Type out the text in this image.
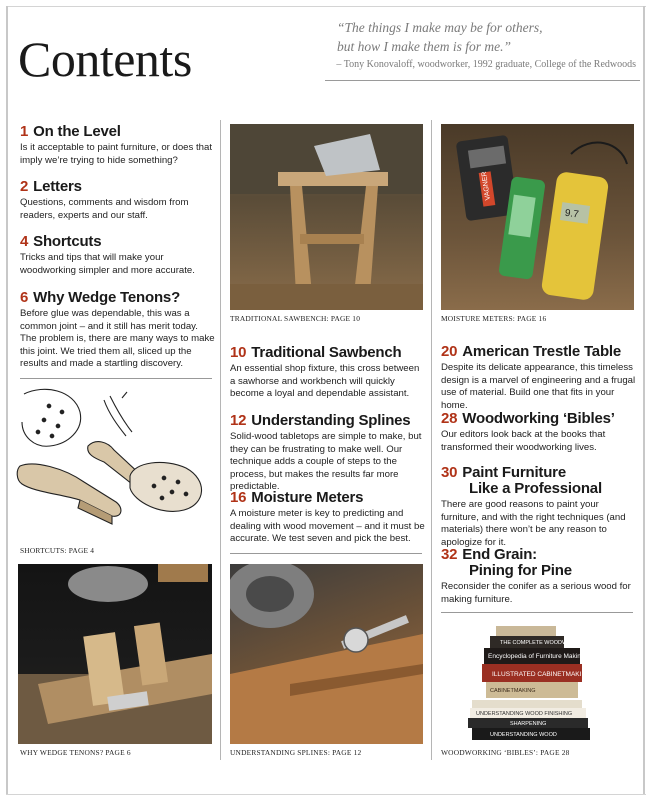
Contents
“The things I make may be for others,
but how I make them is for me.”
– Tony Konovaloff, woodworker, 1992 graduate, College of the Redwoods
1 On the Level

Is it acceptable to paint furniture, or does that imply we’re trying to hide something?

2 Letters

Questions, comments and wisdom from readers, experts and our staff.

4 Shortcuts

Tricks and tips that will make your woodworking simpler and more accurate.

6 Why Wedge Tenons?

Before glue was dependable, this was a common joint – and it still has merit today. The problem is, there are many ways to make this joint. We tried them all, sliced up the results and made a startling discovery.

SHORTCUTS: PAGE 4
WHY WEDGE TENONS? PAGE 6
TRADITIONAL SAWBENCH: PAGE 10
10 Traditional Sawbench

An essential shop fixture, this cross between a sawhorse and workbench will quickly become a loyal and dependable assistant.

12 Understanding Splines

Solid-wood tabletops are simple to make, but they can be frustrating to make well. Our technique adds a couple of steps to the process, but makes the results far more predictable.

16 Moisture Meters

A moisture meter is key to predicting and dealing with wood movement – and it must be accurate. We test seven and pick the best.

UNDERSTANDING SPLINES: PAGE 12
VAGNER
9.7
MOISTURE METERS: PAGE 16
20 American Trestle Table

Despite its delicate appearance, this timeless design is a marvel of engineering and a frugal use of material. Build one that fits in your home.

28 Woodworking ‘Bibles’

Our editors look back at the books that transformed their woodworking lives.

30 Paint Furniture
Like a Professional

There are good reasons to paint your furniture, and with the right techniques (and materials) there won’t be any reason to apologize for it.

32 End Grain:
Pining for Pine

Reconsider the conifer as a serious wood for making furniture.

THE COMPLETE WOODWORKER
Encyclopedia of Furniture Making
ILLUSTRATED CABINETMAKING
CABINETMAKING
UNDERSTANDING WOOD FINISHING
SHARPENING
UNDERSTANDING WOOD
WOODWORKING ‘BIBLES’: PAGE 28
